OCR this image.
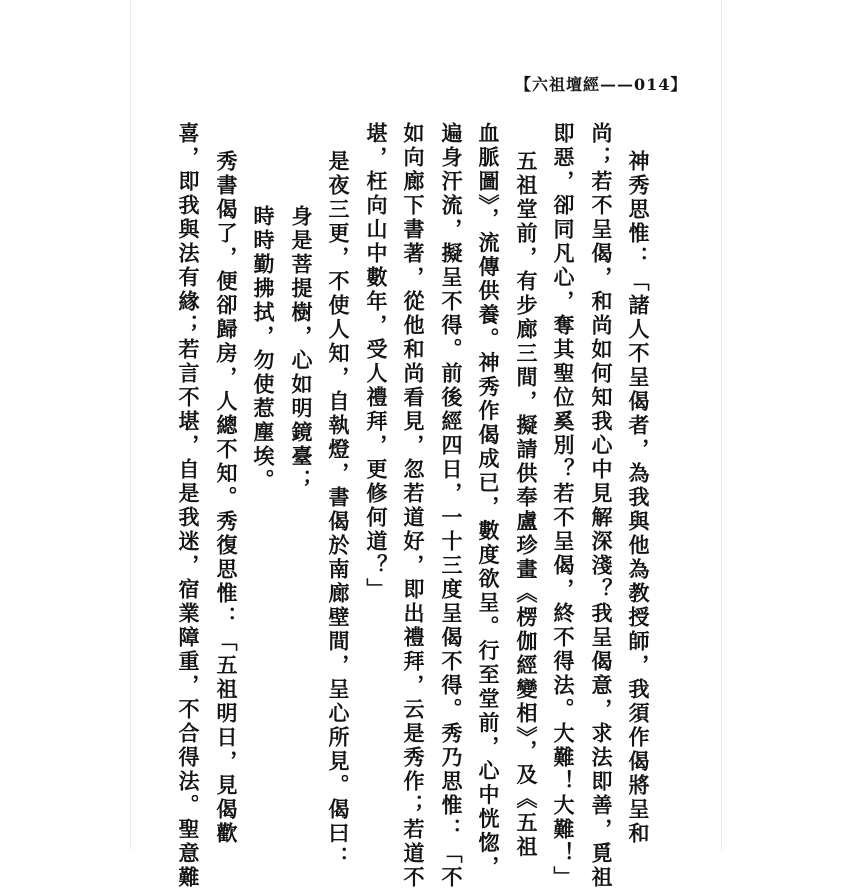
【六祖壇經——014】
神秀思惟：「諸人不呈偈者，為我與他為教授師，我須作偈將呈和
尚；若不呈偈，和尚如何知我心中見解深淺？我呈偈意，求法即善，覓祖
即惡，卻同凡心，奪其聖位奚別？若不呈偈，終不得法。大難！大難！」
五祖堂前，有步廊三間，擬請供奉盧珍畫《楞伽經變相》，及《五祖
血脈圖》，流傳供養。神秀作偈成已，數度欲呈。行至堂前，心中恍惚，
遍身汗流，擬呈不得。前後經四日，一十三度呈偈不得。秀乃思惟：「不
如向廊下書著，從他和尚看見，忽若道好，即出禮拜，云是秀作；若道不
堪，枉向山中數年，受人禮拜，更修何道？」
是夜三更，不使人知，自執燈，書偈於南廊壁間，呈心所見。偈曰：
身是菩提樹，心如明鏡臺；
時時勤拂拭，勿使惹塵埃。
秀書偈了，便卻歸房，人總不知。秀復思惟：「五祖明日，見偈歡
喜，即我與法有緣；若言不堪，自是我迷，宿業障重，不合得法。聖意難
